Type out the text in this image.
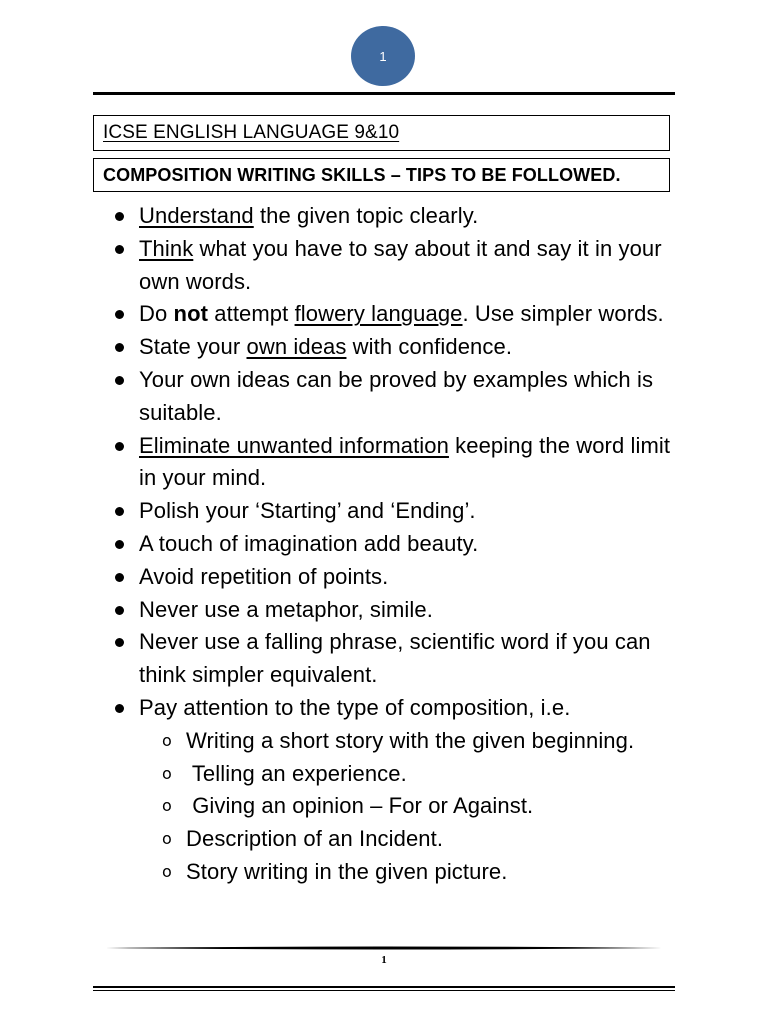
1
ICSE ENGLISH LANGUAGE 9&10
COMPOSITION WRITING SKILLS – TIPS TO BE FOLLOWED.
Understand the given topic clearly.
Think what you have to say about it and say it in your own words.
Do not attempt flowery language. Use simpler words.
State your own ideas with confidence.
Your own ideas can be proved by examples which is suitable.
Eliminate unwanted information keeping the word limit in your mind.
Polish your ‘Starting’ and ‘Ending’.
A touch of imagination add beauty.
Avoid repetition of points.
Never use a metaphor, simile.
Never use a falling phrase, scientific word if you can think simpler equivalent.
Pay attention to the type of composition, i.e.
o Writing a short story with the given beginning.
o Telling an experience.
o Giving an opinion – For or Against.
o Description of an Incident.
o Story writing in the given picture.
1
